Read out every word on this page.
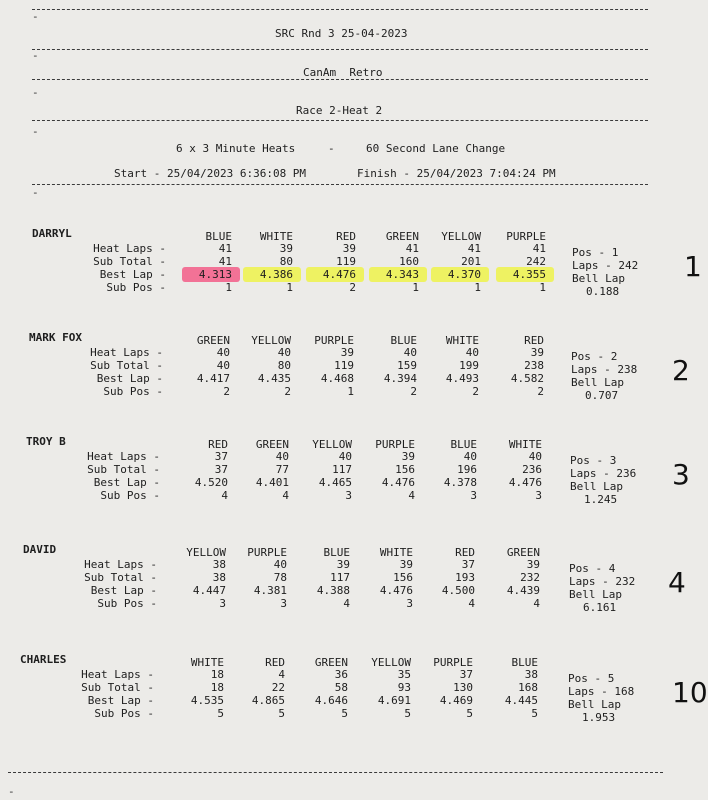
-
SRC Rnd 3 25-04-2023
-
CanAm  Retro
-
Race 2-Heat 2
-
6 x 3 Minute Heats	-	60 Second Lane Change
Start - 25/04/2023 6:36:08 PM	Finish - 25/04/2023 7:04:24 PM
-
DARRYL	BLUE	WHITE	RED	GREEN	YELLOW	PURPLE
Heat Laps -	41	39	39	41	41	41
Sub Total -	41	80	119	160	201	242
Best Lap -	4.313	4.386	4.476	4.343	4.370	4.355
Sub Pos -	1	1	2	1	1	1
Pos - 1
Laps - 242
Bell Lap
0.188
1
MARK FOX	GREEN	YELLOW	PURPLE	BLUE	WHITE	RED
Heat Laps -	40	40	39	40	40	39
Sub Total -	40	80	119	159	199	238
Best Lap -	4.417	4.435	4.468	4.394	4.493	4.582
Sub Pos -	2	2	1	2	2	2
Pos - 2
Laps - 238
Bell Lap
0.707
2
TROY B	RED	GREEN	YELLOW	PURPLE	BLUE	WHITE
Heat Laps -	37	40	40	39	40	40
Sub Total -	37	77	117	156	196	236
Best Lap -	4.520	4.401	4.465	4.476	4.378	4.476
Sub Pos -	4	4	3	4	3	3
Pos - 3
Laps - 236
Bell Lap
1.245
3
DAVID	YELLOW	PURPLE	BLUE	WHITE	RED	GREEN
Heat Laps -	38	40	39	39	37	39
Sub Total -	38	78	117	156	193	232
Best Lap -	4.447	4.381	4.388	4.476	4.500	4.439
Sub Pos -	3	3	4	3	4	4
Pos - 4
Laps - 232
Bell Lap
6.161
4
CHARLES	WHITE	RED	GREEN	YELLOW	PURPLE	BLUE
Heat Laps -	18	4	36	35	37	38
Sub Total -	18	22	58	93	130	168
Best Lap -	4.535	4.865	4.646	4.691	4.469	4.445
Sub Pos -	5	5	5	5	5	5
Pos - 5
Laps - 168
Bell Lap
1.953
10
-
